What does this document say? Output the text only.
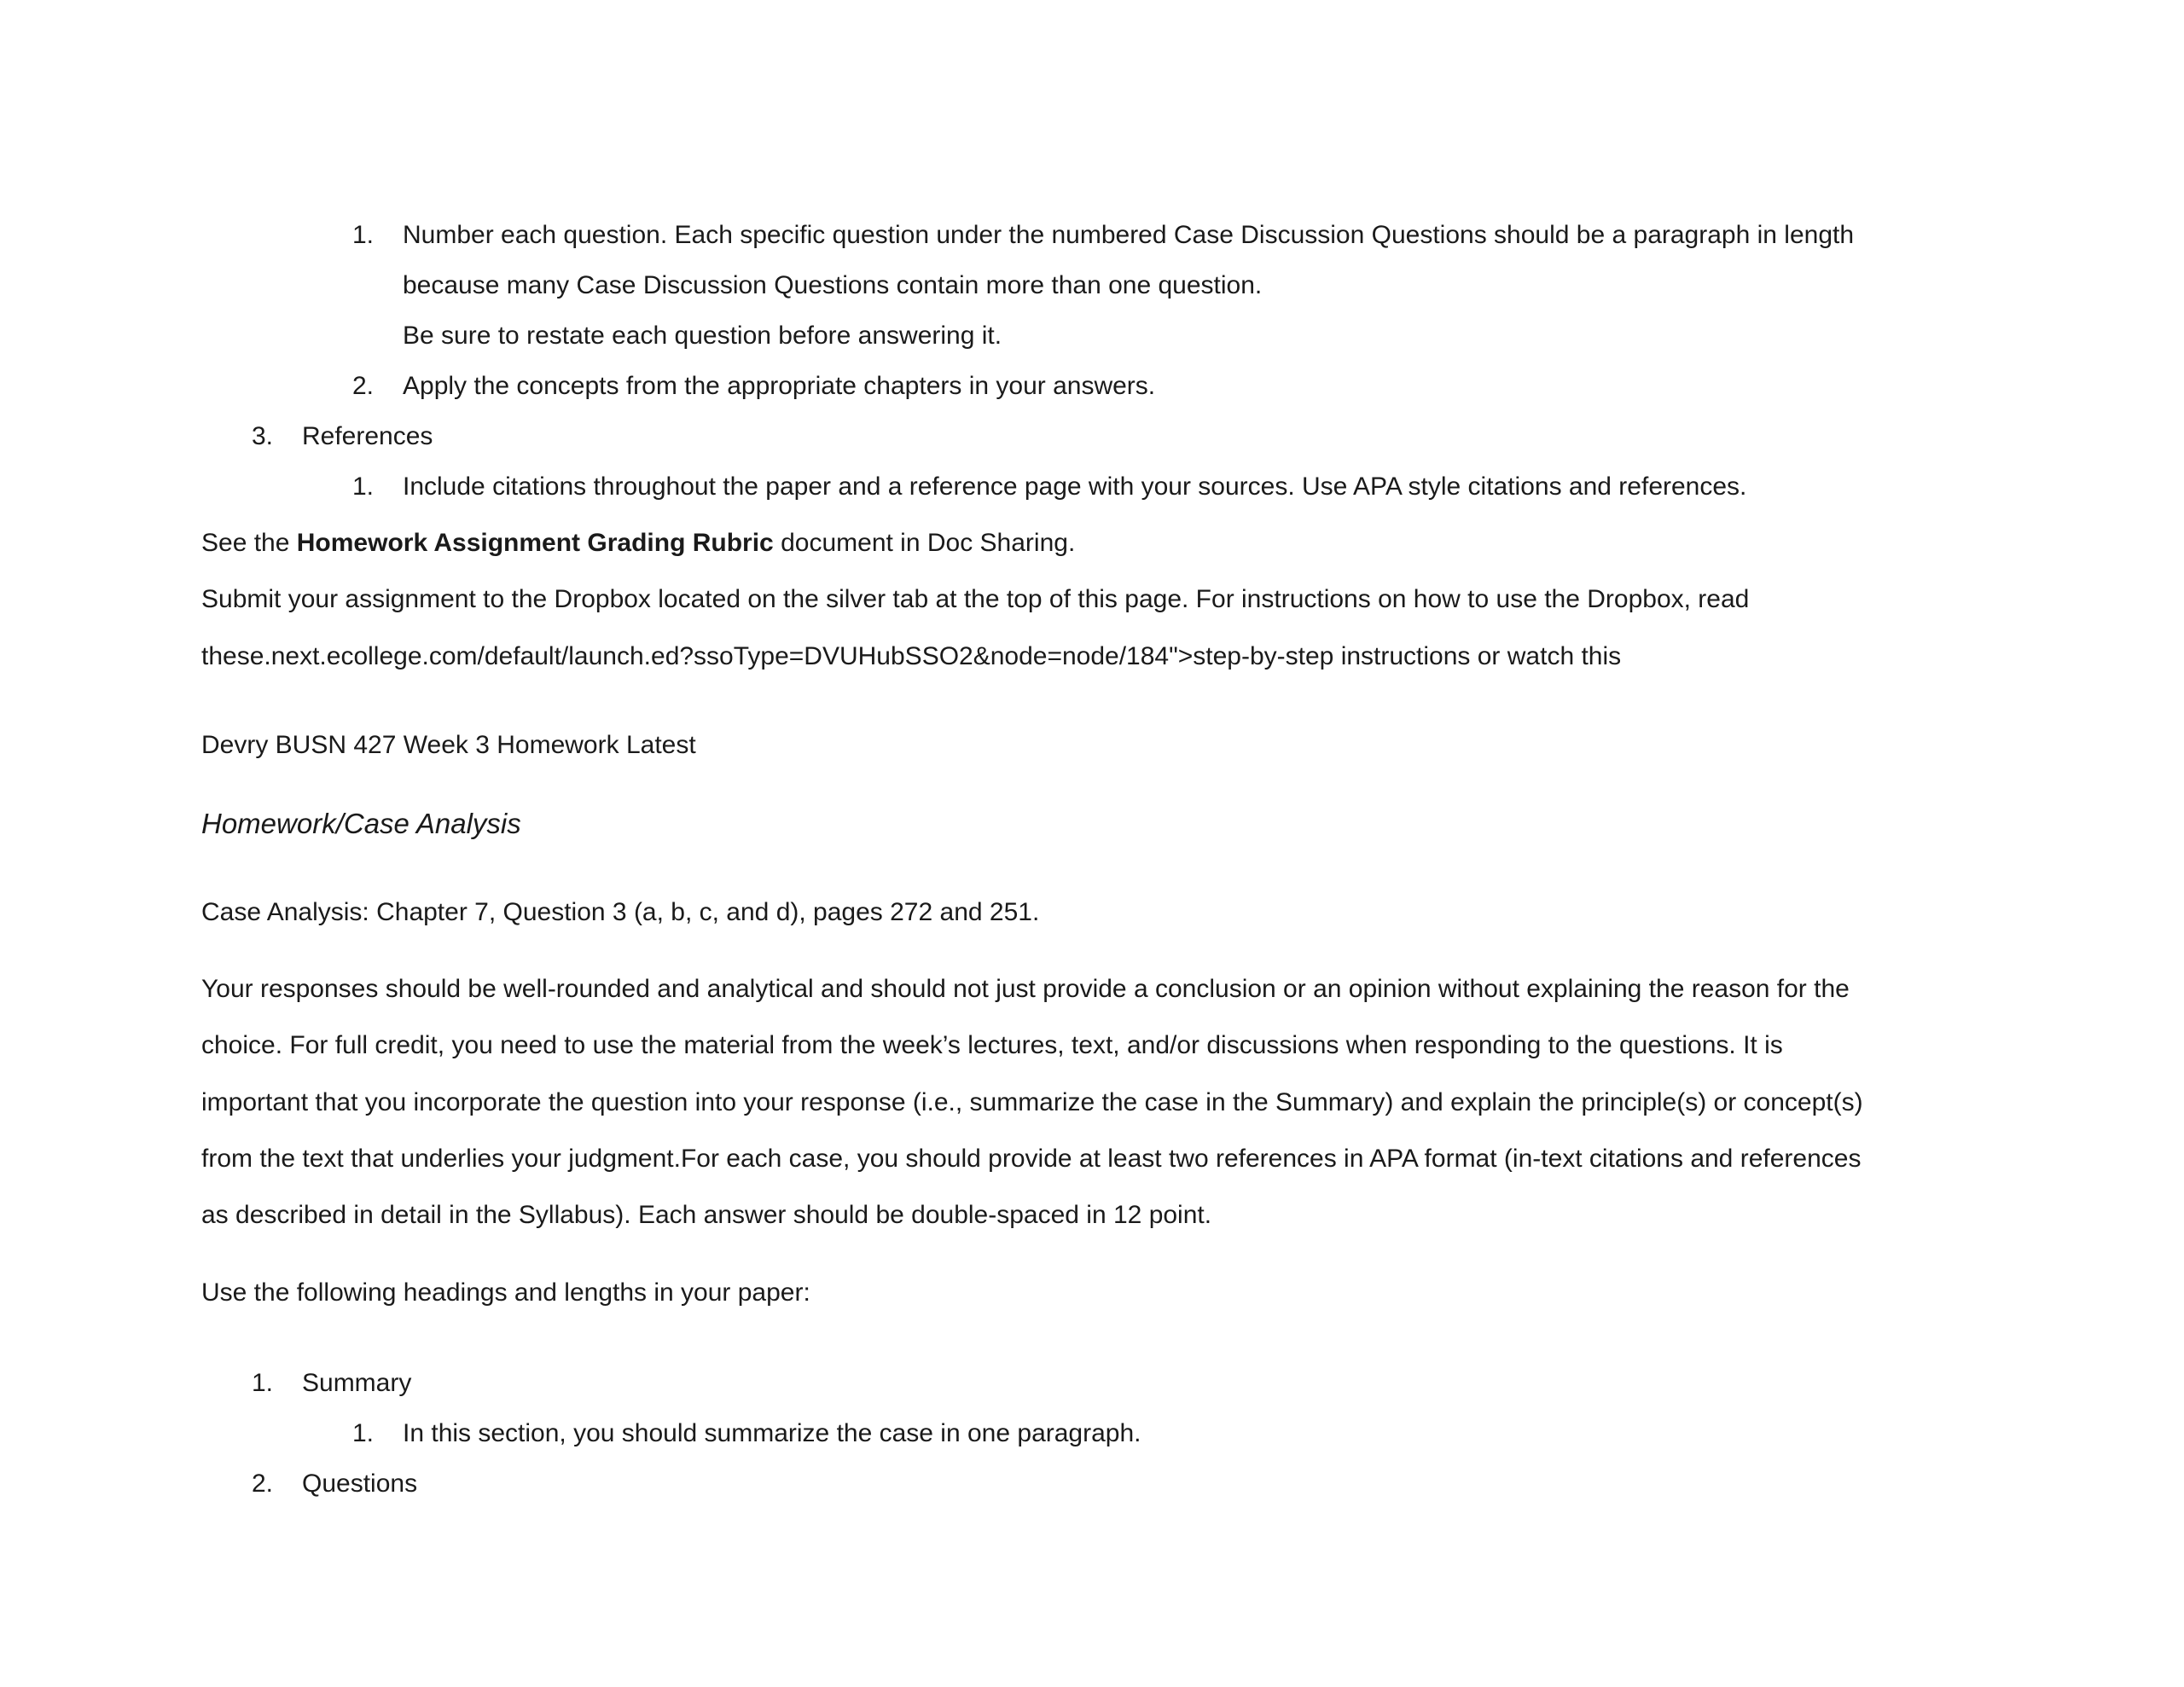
1. Number each question. Each specific question under the numbered Case Discussion Questions should be a paragraph in length
because many Case Discussion Questions contain more than one question.
Be sure to restate each question before answering it.
2. Apply the concepts from the appropriate chapters in your answers.
3. References
1. Include citations throughout the paper and a reference page with your sources. Use APA style citations and references.
See the Homework Assignment Grading Rubric document in Doc Sharing.
Submit your assignment to the Dropbox located on the silver tab at the top of this page. For instructions on how to use the Dropbox, read
these.next.ecollege.com/default/launch.ed?ssoType=DVUHubSSO2&node=node/184">step-by-step instructions or watch this
Devry BUSN 427 Week 3 Homework Latest
Homework/Case Analysis
Case Analysis: Chapter 7, Question 3 (a, b, c, and d), pages 272 and 251.
Your responses should be well-rounded and analytical and should not just provide a conclusion or an opinion without explaining the reason for the
choice. For full credit, you need to use the material from the week’s lectures, text, and/or discussions when responding to the questions. It is
important that you incorporate the question into your response (i.e., summarize the case in the Summary) and explain the principle(s) or concept(s)
from the text that underlies your judgment.For each case, you should provide at least two references in APA format (in-text citations and references
as described in detail in the Syllabus). Each answer should be double-spaced in 12 point.
Use the following headings and lengths in your paper:
1. Summary
1. In this section, you should summarize the case in one paragraph.
2. Questions
